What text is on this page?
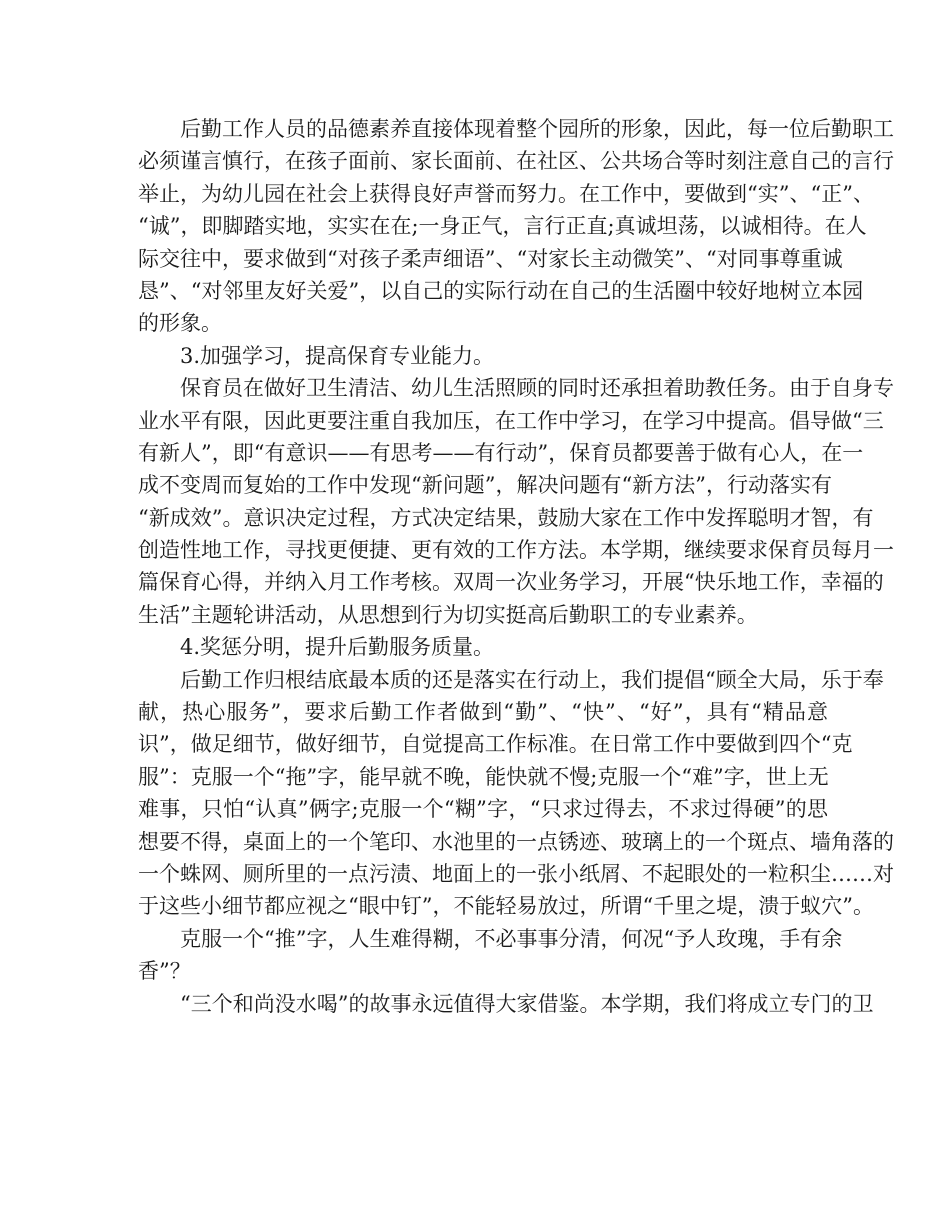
后勤工作人员的品德素养直接体现着整个园所的形象，因此，每一位后勤职工
必须谨言慎行，在孩子面前、家长面前、在社区、公共场合等时刻注意自己的言行
举止，为幼儿园在社会上获得良好声誉而努力。在工作中，要做到“实”、“正”、
“诚”，即脚踏实地，实实在在;一身正气，言行正直;真诚坦荡，以诚相待。在人
际交往中，要求做到“对孩子柔声细语”、“对家长主动微笑”、“对同事尊重诚
恳”、“对邻里友好关爱”，以自己的实际行动在自己的生活圈中较好地树立本园
的形象。
3.加强学习，提高保育专业能力。
保育员在做好卫生清洁、幼儿生活照顾的同时还承担着助教任务。由于自身专
业水平有限，因此更要注重自我加压，在工作中学习，在学习中提高。倡导做“三
有新人”，即“有意识——有思考——有行动”，保育员都要善于做有心人，在一
成不变周而复始的工作中发现“新问题”，解决问题有“新方法”，行动落实有
“新成效”。意识决定过程，方式决定结果，鼓励大家在工作中发挥聪明才智，有
创造性地工作，寻找更便捷、更有效的工作方法。本学期，继续要求保育员每月一
篇保育心得，并纳入月工作考核。双周一次业务学习，开展“快乐地工作，幸福的
生活”主题轮讲活动，从思想到行为切实挺高后勤职工的专业素养。
4.奖惩分明，提升后勤服务质量。
后勤工作归根结底最本质的还是落实在行动上，我们提倡“顾全大局，乐于奉
献，热心服务”，要求后勤工作者做到“勤”、“快”、“好”，具有“精品意
识”，做足细节，做好细节，自觉提高工作标准。在日常工作中要做到四个“克
服”：克服一个“拖”字，能早就不晚，能快就不慢;克服一个“难”字，世上无
难事，只怕“认真”俩字;克服一个“糊”字，“只求过得去，不求过得硬”的思
想要不得，桌面上的一个笔印、水池里的一点锈迹、玻璃上的一个斑点、墙角落的
一个蛛网、厕所里的一点污渍、地面上的一张小纸屑、不起眼处的一粒积尘……对
于这些小细节都应视之“眼中钉”，不能轻易放过，所谓“千里之堤，溃于蚁穴”。
克服一个“推”字，人生难得糊，不必事事分清，何况“予人玫瑰，手有余
香”？
“三个和尚没水喝”的故事永远值得大家借鉴。本学期，我们将成立专门的卫
